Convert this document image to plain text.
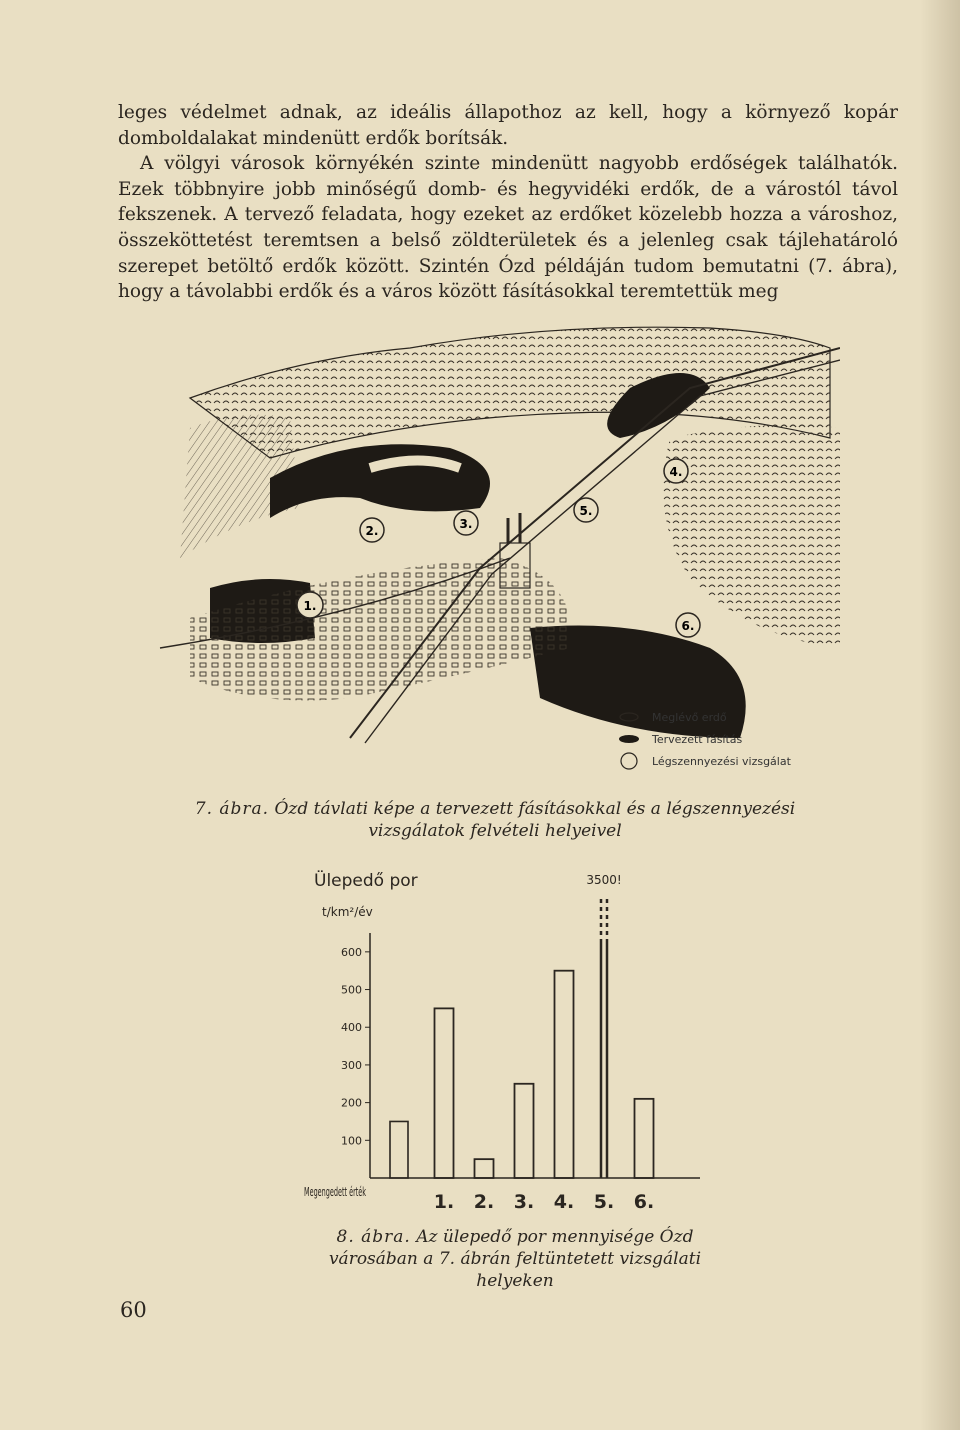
leges védelmet adnak, az ideális állapothoz az kell, hogy a környező kopár domboldalakat mindenütt erdők borítsák.

A völgyi városok környékén szinte mindenütt nagyobb erdőségek találhatók. Ezek többnyire jobb minőségű domb- és hegyvidéki erdők, de a várostól távol fekszenek. A tervező feladata, hogy ezeket az erdőket közelebb hozza a városhoz, összeköttetést teremtsen a belső zöldterületek és a jelenleg csak tájlehatároló szerepet betöltő erdők között. Szintén Ózd példáján tudom bemutatni (7. ábra), hogy a távolabbi erdők és a város között fásításokkal teremtettük meg

1.
2.	3.
4.
5.
6.
Meglévő erdő
Tervezett fásítás
Légszennyezési vizsgálat
7. ábra. Ózd távlati képe a tervezett fásításokkal és a légszennyezési vizsgálatok felvételi helyeivel
Ülepedő por
t/km²/év
100
200
300
400
500
600
1. 2. 3. 4. 5. 6.
3500!
Megengedett érték
8. ábra. Az ülepedő por mennyisége Ózd városában a 7. ábrán feltüntetett vizsgálati helyeken
60
